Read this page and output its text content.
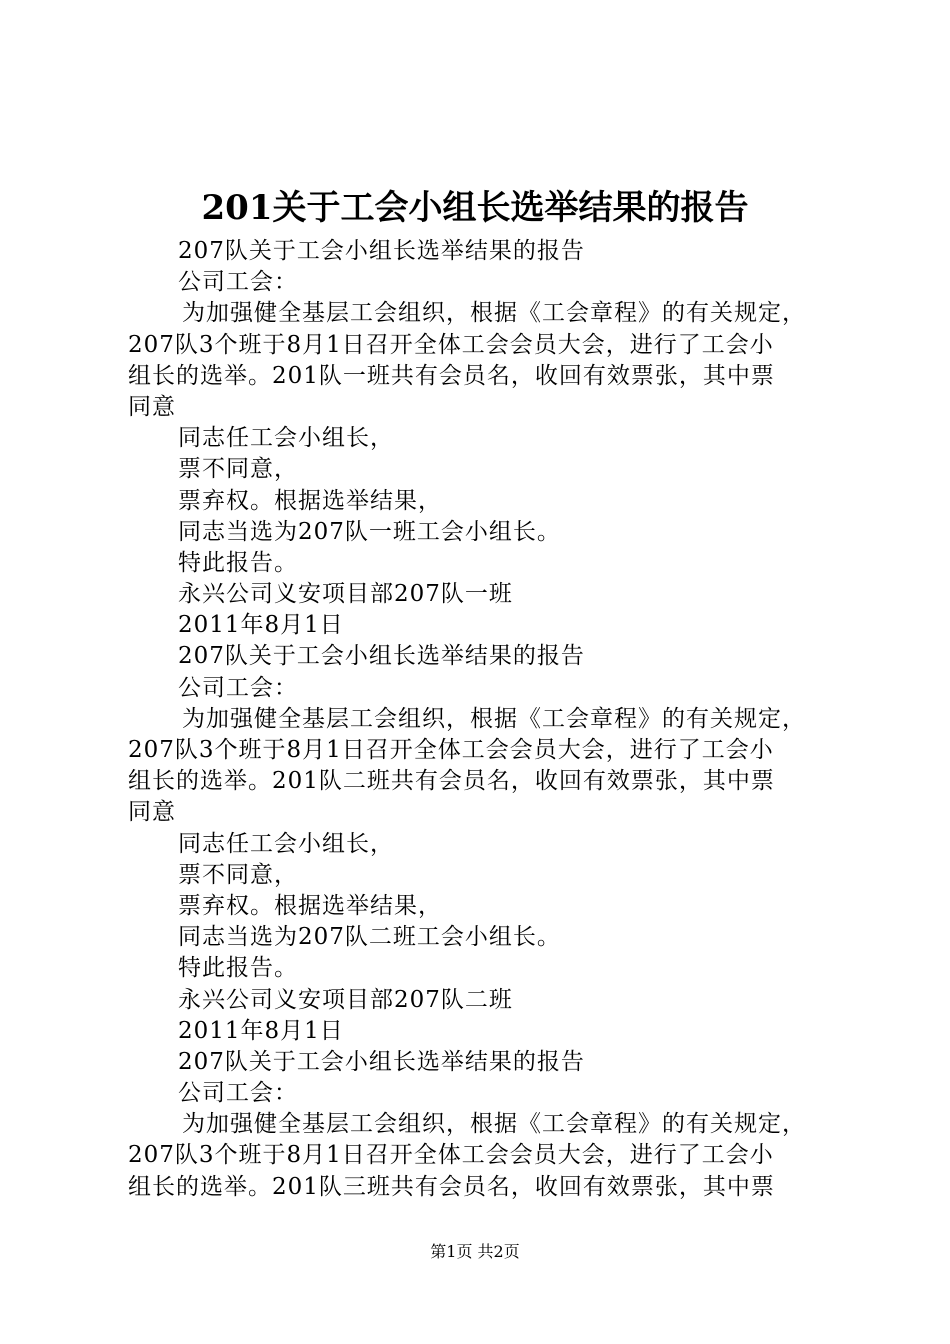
201关于工会小组长选举结果的报告
207队关于工会小组长选举结果的报告
公司工会：
为加强健全基层工会组织，根据《工会章程》的有关规定，
207队3个班于8月1日召开全体工会会员大会，进行了工会小
组长的选举。201队一班共有会员名，收回有效票张，其中票
同意
同志任工会小组长，
票不同意，
票弃权。根据选举结果，
同志当选为207队一班工会小组长。
特此报告。
永兴公司义安项目部207队一班
2011年8月1日
207队关于工会小组长选举结果的报告
公司工会：
为加强健全基层工会组织，根据《工会章程》的有关规定，
207队3个班于8月1日召开全体工会会员大会，进行了工会小
组长的选举。201队二班共有会员名，收回有效票张，其中票
同意
同志任工会小组长，
票不同意，
票弃权。根据选举结果，
同志当选为207队二班工会小组长。
特此报告。
永兴公司义安项目部207队二班
2011年8月1日
207队关于工会小组长选举结果的报告
公司工会：
为加强健全基层工会组织，根据《工会章程》的有关规定，
207队3个班于8月1日召开全体工会会员大会，进行了工会小
组长的选举。201队三班共有会员名，收回有效票张，其中票
第1页 共2页
